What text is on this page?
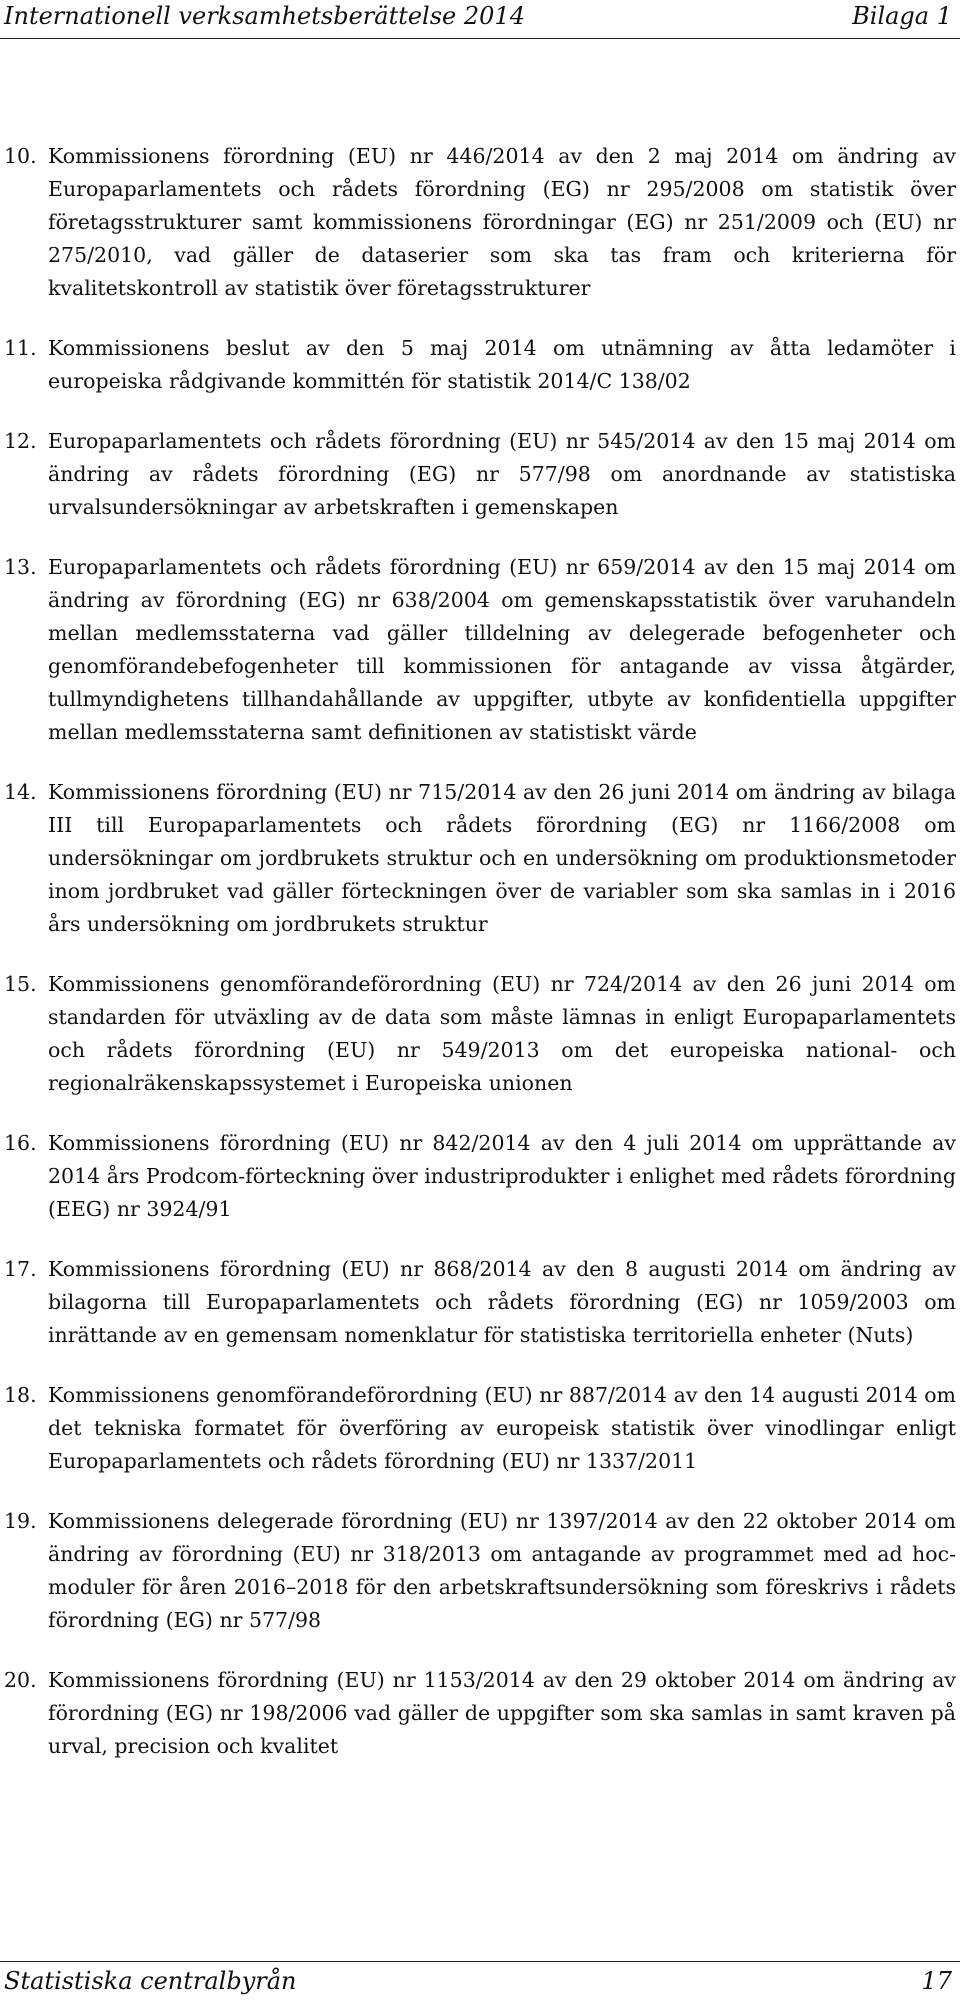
Internationell verksamhetsberättelse 2014	Bilaga 1
10. Kommissionens förordning (EU) nr 446/2014 av den 2 maj 2014 om ändring av Europaparlamentets och rådets förordning (EG) nr 295/2008 om statistik över företagsstrukturer samt kommissionens förordningar (EG) nr 251/2009 och (EU) nr 275/2010, vad gäller de dataserier som ska tas fram och kriterierna för kvalitetskontroll av statistik över företagsstrukturer
11. Kommissionens beslut av den 5 maj 2014 om utnämning av åtta ledamöter i europeiska rådgivande kommittén för statistik 2014/C 138/02
12. Europaparlamentets och rådets förordning (EU) nr 545/2014 av den 15 maj 2014 om ändring av rådets förordning (EG) nr 577/98 om anordnande av statistiska urvalsundersökningar av arbetskraften i gemenskapen
13. Europaparlamentets och rådets förordning (EU) nr 659/2014 av den 15 maj 2014 om ändring av förordning (EG) nr 638/2004 om gemenskapsstatistik över varuhandeln mellan medlemsstaterna vad gäller tilldelning av delegerade befogenheter och genomförandebefogenheter till kommissionen för antagande av vissa åtgärder, tullmyndighetens tillhandahållande av uppgifter, utbyte av konfidentiella uppgifter mellan medlemsstaterna samt definitionen av statistiskt värde
14. Kommissionens förordning (EU) nr 715/2014 av den 26 juni 2014 om ändring av bilaga III till Europaparlamentets och rådets förordning (EG) nr 1166/2008 om undersökningar om jordbrukets struktur och en undersökning om produktionsmetoder inom jordbruket vad gäller förteckningen över de variabler som ska samlas in i 2016 års undersökning om jordbrukets struktur
15. Kommissionens genomförandeförordning (EU) nr 724/2014 av den 26 juni 2014 om standarden för utväxling av de data som måste lämnas in enligt Europaparlamentets och rådets förordning (EU) nr 549/2013 om det europeiska national- och regionalräkenskapssystemet i Europeiska unionen
16. Kommissionens förordning (EU) nr 842/2014 av den 4 juli 2014 om upprättande av 2014 års Prodcom-förteckning över industriprodukter i enlighet med rådets förordning (EEG) nr 3924/91
17. Kommissionens förordning (EU) nr 868/2014 av den 8 augusti 2014 om ändring av bilagorna till Europaparlamentets och rådets förordning (EG) nr 1059/2003 om inrättande av en gemensam nomenklatur för statistiska territoriella enheter (Nuts)
18. Kommissionens genomförandeförordning (EU) nr 887/2014 av den 14 augusti 2014 om det tekniska formatet för överföring av europeisk statistik över vinodlingar enligt Europaparlamentets och rådets förordning (EU) nr 1337/2011
19. Kommissionens delegerade förordning (EU) nr 1397/2014 av den 22 oktober 2014 om ändring av förordning (EU) nr 318/2013 om antagande av programmet med ad hoc-moduler för åren 2016–2018 för den arbetskraftsundersökning som föreskrivs i rådets förordning (EG) nr 577/98
20. Kommissionens förordning (EU) nr 1153/2014 av den 29 oktober 2014 om ändring av förordning (EG) nr 198/2006 vad gäller de uppgifter som ska samlas in samt kraven på urval, precision och kvalitet
Statistiska centralbyrån	17
